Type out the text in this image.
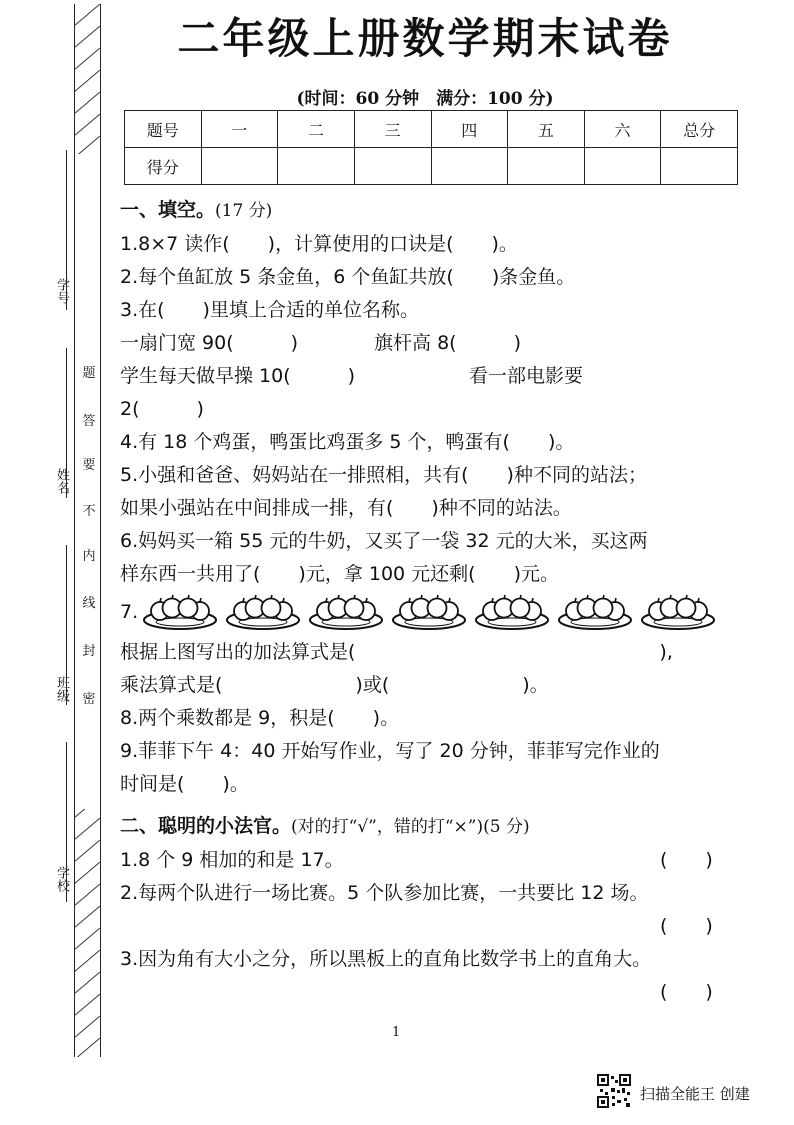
学号
姓名
班级
学校
题
答
要
不
内
线
封
密
二年级上册数学期末试卷
(时间：60 分钟　满分：100 分)
题号	一	二	三	四	五	六	总分
得分							
一、填空。(17 分)
1.8×7 读作(　　)，计算使用的口诀是(　　)。
2.每个鱼缸放 5 条金鱼，6 个鱼缸共放(　　)条金鱼。
3.在(　　)里填上合适的单位名称。
一扇门宽 90(　　　)　　　　旗杆高 8(　　　)
学生每天做早操 10(　　　)　　　　　　看一部电影要
2(　　　)
4.有 18 个鸡蛋，鸭蛋比鸡蛋多 5 个，鸭蛋有(　　)。
5.小强和爸爸、妈妈站在一排照相，共有(　　)种不同的站法；
如果小强站在中间排成一排，有(　　)种不同的站法。
6.妈妈买一箱 55 元的牛奶，又买了一袋 32 元的大米，买这两
样东西一共用了(　　)元，拿 100 元还剩(　　)元。
7.
根据上图写出的加法算式是(　　　　　　　　　　　　　　　　),
乘法算式是(　　　　　　　)或(　　　　　　　)。
8.两个乘数都是 9，积是(　　)。
9.菲菲下午 4：40 开始写作业，写了 20 分钟，菲菲写完作业的
时间是(　　)。
二、聪明的小法官。(对的打“√”，错的打“×”)(5 分)
1.8 个 9 相加的和是 17。	(　　)
2.每两个队进行一场比赛。5 个队参加比赛，一共要比 12 场。
(　　)
3.因为角有大小之分，所以黑板上的直角比数学书上的直角大。
(　　)
1
扫描全能王 创建
